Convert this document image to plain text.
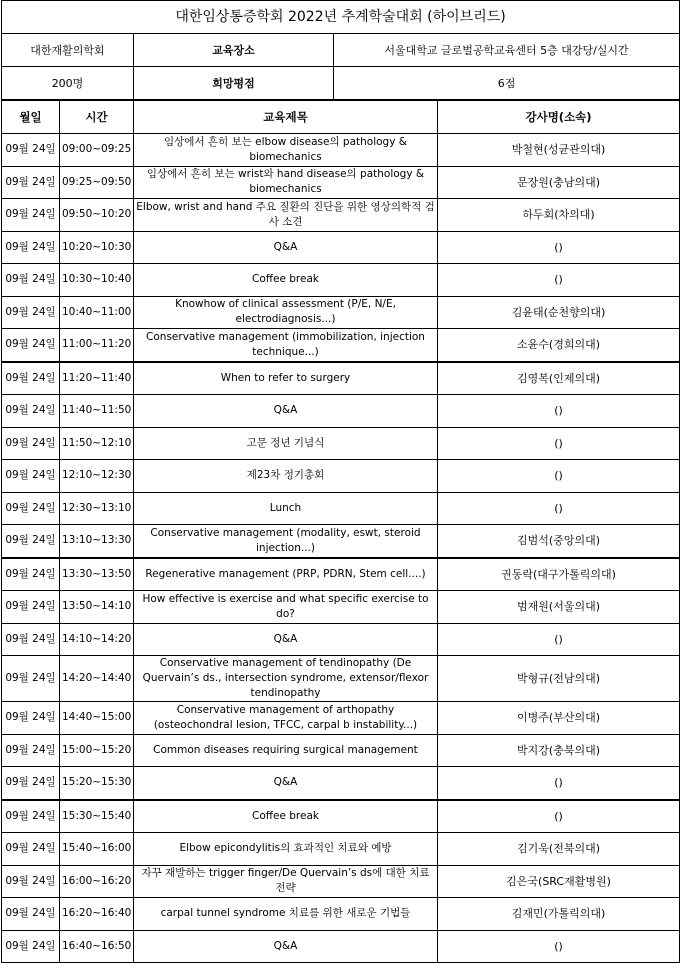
대한임상통증학회 2022년 추계학술대회 (하이브리드)				
대한재활의학회		교육장소	서울대학교 글로벌공학교육센터 5층 대강당/실시간	
200명		희망평점	6점	
월일	시간	교육제목		강사명(소속)
09월 24일	09:00~09:25	임상에서 흔히 보는 elbow disease의 pathology & biomechanics		박철현(성균관의대)
09월 24일	09:25~09:50	임상에서 흔히 보는 wrist와 hand disease의 pathology & biomechanics		문장원(충남의대)
09월 24일	09:50~10:20	Elbow, wrist and hand 주요 질환의 진단을 위한 영상의학적 검사 소견		하두회(차의대)
09월 24일	10:20~10:30	Q&A		()
09월 24일	10:30~10:40	Coffee break		()
09월 24일	10:40~11:00	Knowhow of clinical assessment (P/E, N/E, electrodiagnosis...)		김윤태(순천향의대)
09월 24일	11:00~11:20	Conservative management (immobilization, injection technique...)		소윤수(경희의대)
09월 24일	11:20~11:40	When to refer to surgery		김영복(인제의대)
09월 24일	11:40~11:50	Q&A		()
09월 24일	11:50~12:10	고문 정년 기념식		()
09월 24일	12:10~12:30	제23차 정기총회		()
09월 24일	12:30~13:10	Lunch		()
09월 24일	13:10~13:30	Conservative management (modality, eswt, steroid injection...)		김범석(중앙의대)
09월 24일	13:30~13:50	Regenerative management (PRP, PDRN, Stem cell....)		권동락(대구가톨릭의대)
09월 24일	13:50~14:10	How effective is exercise and what specific exercise to do?		범재원(서울의대)
09월 24일	14:10~14:20	Q&A		()
09월 24일	14:20~14:40	Conservative management of tendinopathy (De Quervain’s ds., intersection syndrome, extensor/flexor tendinopathy		박형규(전남의대)
09월 24일	14:40~15:00	Conservative management of arthopathy (osteochondral lesion, TFCC, carpal b instability...)		이병주(부산의대)
09월 24일	15:00~15:20	Common diseases requiring surgical management		박지강(충북의대)
09월 24일	15:20~15:30	Q&A		()
09월 24일	15:30~15:40	Coffee break		()
09월 24일	15:40~16:00	Elbow epicondylitis의 효과적인 치료와 예방		김기욱(전북의대)
09월 24일	16:00~16:20	자꾸 재발하는 trigger finger/De Quervain’s ds에 대한 치료 전략		김은국(SRC재활병원)
09월 24일	16:20~16:40	carpal tunnel syndrome 치료를 위한 새로운 기법들		김재민(가톨릭의대)
09월 24일	16:40~16:50	Q&A		()
